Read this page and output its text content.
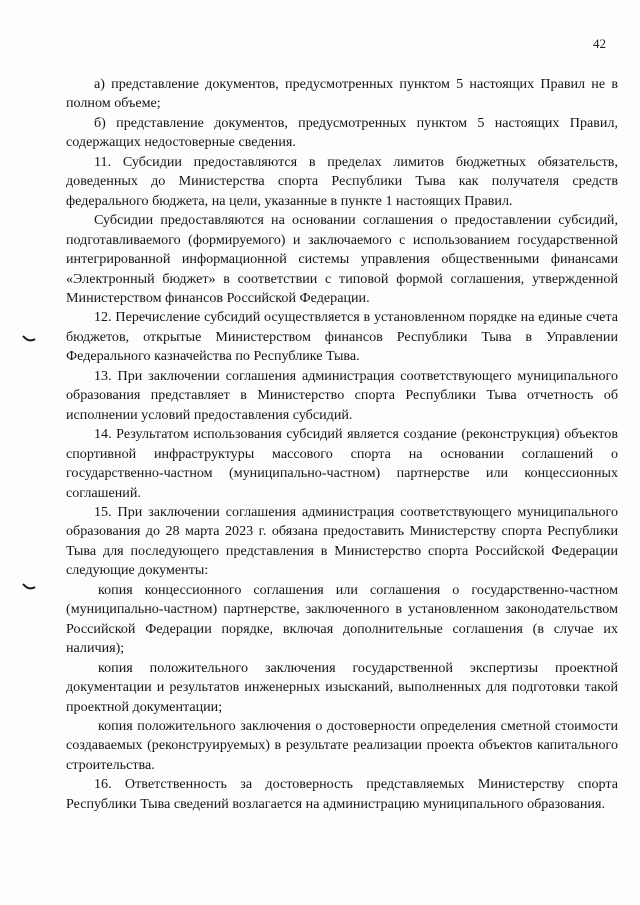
42

а) представление документов, предусмотренных пунктом 5 настоящих Правил не в полном объеме;

б) представление документов, предусмотренных пунктом 5 настоящих Правил, содержащих недостоверные сведения.

11. Субсидии предоставляются в пределах лимитов бюджетных обязательств, доведенных до Министерства спорта Республики Тыва как получателя средств федерального бюджета, на цели, указанные в пункте 1 настоящих Правил.

Субсидии предоставляются на основании соглашения о предоставлении субсидий, подготавливаемого (формируемого) и заключаемого с использованием государственной интегрированной информационной системы управления общественными финансами «Электронный бюджет» в соответствии с типовой формой соглашения, утвержденной Министерством финансов Российской Федерации.

12. Перечисление субсидий осуществляется в установленном порядке на единые счета бюджетов, открытые Министерством финансов Республики Тыва в Управлении Федерального казначейства по Республике Тыва.

13. При заключении соглашения администрация соответствующего муниципального образования представляет в Министерство спорта Республики Тыва отчетность об исполнении условий предоставления субсидий.

14. Результатом использования субсидий является создание (реконструкция) объектов спортивной инфраструктуры массового спорта на основании соглашений о государственно-частном (муниципально-частном) партнерстве или концессионных соглашений.

15. При заключении соглашения администрация соответствующего муниципального образования до 28 марта 2023 г. обязана предоставить Министерству спорта Республики Тыва для последующего представления в Министерство спорта Российской Федерации следующие документы:

копия концессионного соглашения или соглашения о государственно-частном (муниципально-частном) партнерстве, заключенного в установленном законодательством Российской Федерации порядке, включая дополнительные соглашения (в случае их наличия);

копия положительного заключения государственной экспертизы проектной документации и результатов инженерных изысканий, выполненных для подготовки такой проектной документации;

копия положительного заключения о достоверности определения сметной стоимости создаваемых (реконструируемых) в результате реализации проекта объектов капитального строительства.

16. Ответственность за достоверность представляемых Министерству спорта Республики Тыва сведений возлагается на администрацию муниципального образования.
